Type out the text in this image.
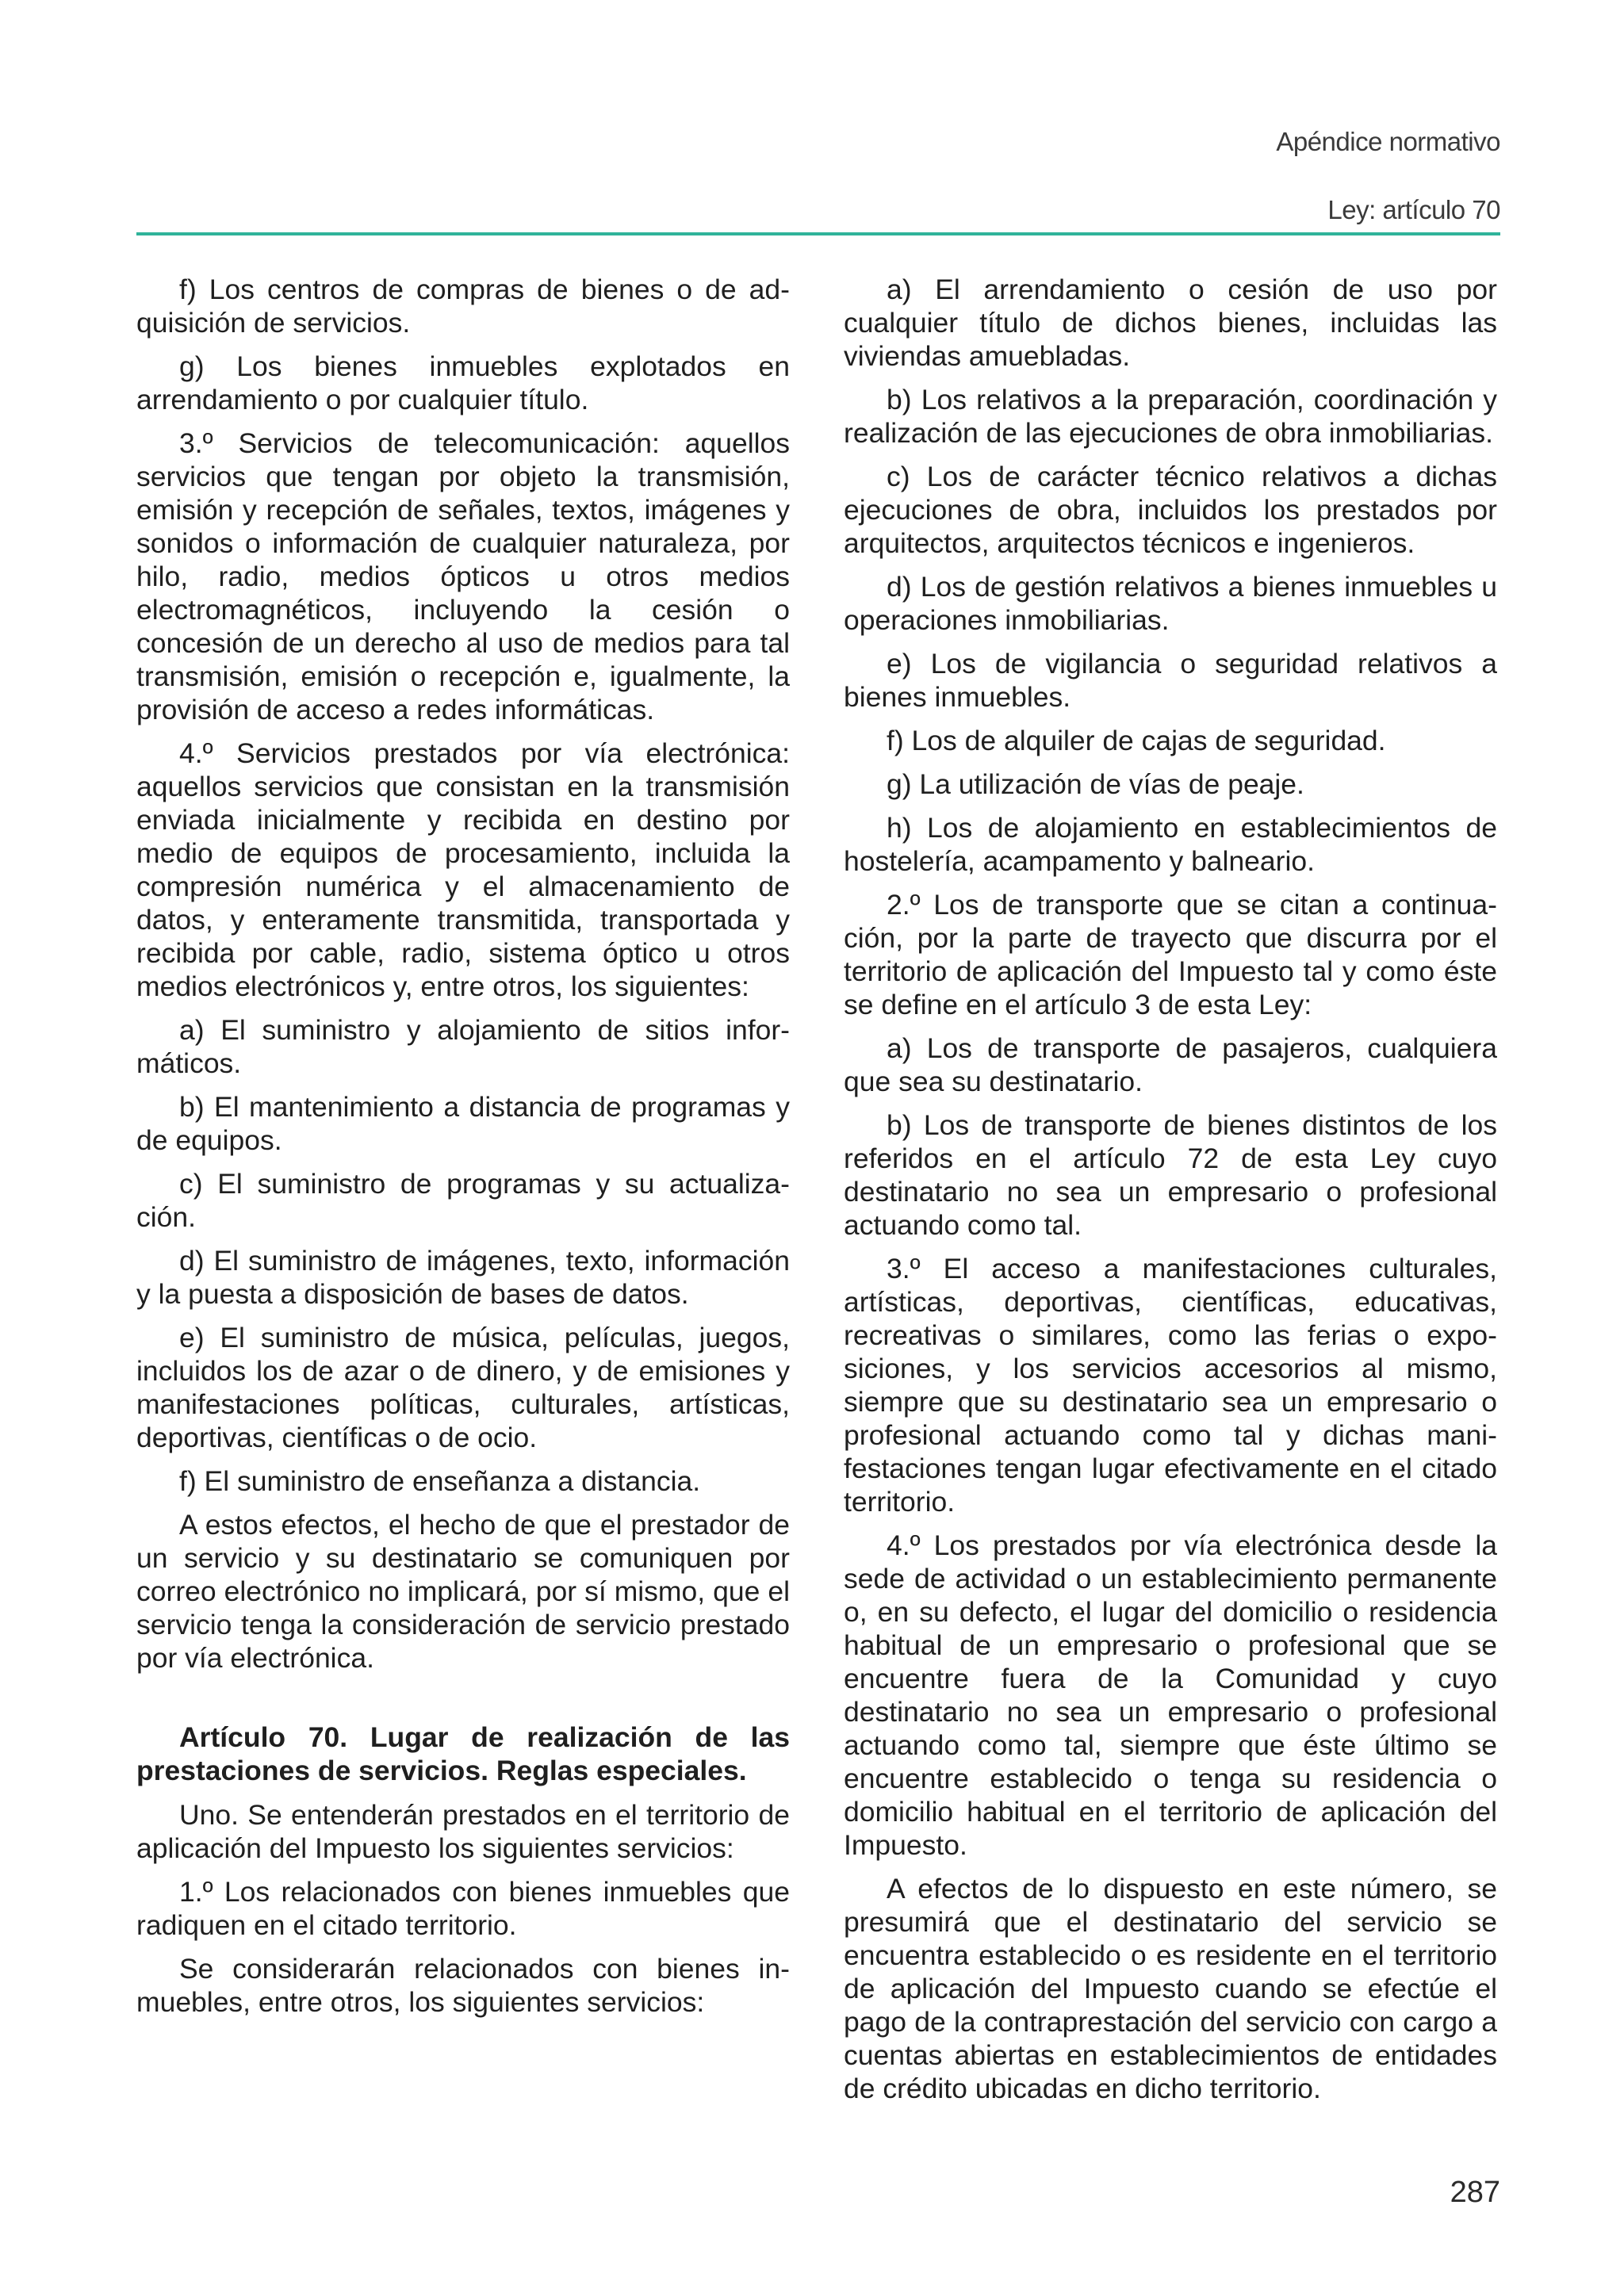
Apéndice normativo
Ley: artículo 70

f) Los centros de compras de bienes o de adquisición de servicios.

g) Los bienes inmuebles explotados en arrendamiento o por cualquier título.

3.º Servicios de telecomunicación: aquellos servicios que tengan por objeto la transmisión, emisión y recepción de señales, textos, imágenes y sonidos o información de cualquier naturaleza, por hilo, radio, medios ópticos u otros medios electromagnéticos, incluyendo la cesión o concesión de un derecho al uso de medios para tal transmisión, emisión o recepción e, igualmente, la provisión de acceso a redes informáticas.

4.º Servicios prestados por vía electrónica: aquellos servicios que consistan en la transmisión enviada inicialmente y recibida en destino por medio de equipos de procesamiento, incluida la compresión numérica y el almacenamiento de datos, y enteramente transmitida, transportada y recibida por cable, radio, sistema óptico u otros medios electrónicos y, entre otros, los siguientes:

a) El suministro y alojamiento de sitios informáticos.

b) El mantenimiento a distancia de programas y de equipos.

c) El suministro de programas y su actualización.

d) El suministro de imágenes, texto, información y la puesta a disposición de bases de datos.

e) El suministro de música, películas, juegos, incluidos los de azar o de dinero, y de emisiones y manifestaciones políticas, culturales, artísticas, deportivas, científicas o de ocio.

f) El suministro de enseñanza a distancia.

A estos efectos, el hecho de que el prestador de un servicio y su destinatario se comuniquen por correo electrónico no implicará, por sí mismo, que el servicio tenga la consideración de servicio prestado por vía electrónica.

Artículo 70. Lugar de realización de las prestaciones de servicios. Reglas especiales.

Uno. Se entenderán prestados en el territorio de aplicación del Impuesto los siguientes servicios:

1.º Los relacionados con bienes inmuebles que radiquen en el citado territorio.

Se considerarán relacionados con bienes inmuebles, entre otros, los siguientes servicios:

a) El arrendamiento o cesión de uso por cualquier título de dichos bienes, incluidas las viviendas amuebladas.

b) Los relativos a la preparación, coordinación y realización de las ejecuciones de obra inmobiliarias.

c) Los de carácter técnico relativos a dichas ejecuciones de obra, incluidos los prestados por arquitectos, arquitectos técnicos e ingenieros.

d) Los de gestión relativos a bienes inmuebles u operaciones inmobiliarias.

e) Los de vigilancia o seguridad relativos a bienes inmuebles.

f) Los de alquiler de cajas de seguridad.

g) La utilización de vías de peaje.

h) Los de alojamiento en establecimientos de hostelería, acampamento y balneario.

2.º Los de transporte que se citan a continuación, por la parte de trayecto que discurra por el territorio de aplicación del Impuesto tal y como éste se define en el artículo 3 de esta Ley:

a) Los de transporte de pasajeros, cualquiera que sea su destinatario.

b) Los de transporte de bienes distintos de los referidos en el artículo 72 de esta Ley cuyo destinatario no sea un empresario o profesional actuando como tal.

3.º El acceso a manifestaciones culturales, artísticas, deportivas, científicas, educativas, recreativas o similares, como las ferias o exposiciones, y los servicios accesorios al mismo, siempre que su destinatario sea un empresario o profesional actuando como tal y dichas manifestaciones tengan lugar efectivamente en el citado territorio.

4.º Los prestados por vía electrónica desde la sede de actividad o un establecimiento permanente o, en su defecto, el lugar del domicilio o residencia habitual de un empresario o profesional que se encuentre fuera de la Comunidad y cuyo destinatario no sea un empresario o profesional actuando como tal, siempre que éste último se encuentre establecido o tenga su residencia o domicilio habitual en el territorio de aplicación del Impuesto.

A efectos de lo dispuesto en este número, se presumirá que el destinatario del servicio se encuentra establecido o es residente en el territorio de aplicación del Impuesto cuando se efectúe el pago de la contraprestación del servicio con cargo a cuentas abiertas en establecimientos de entidades de crédito ubicadas en dicho territorio.

287
